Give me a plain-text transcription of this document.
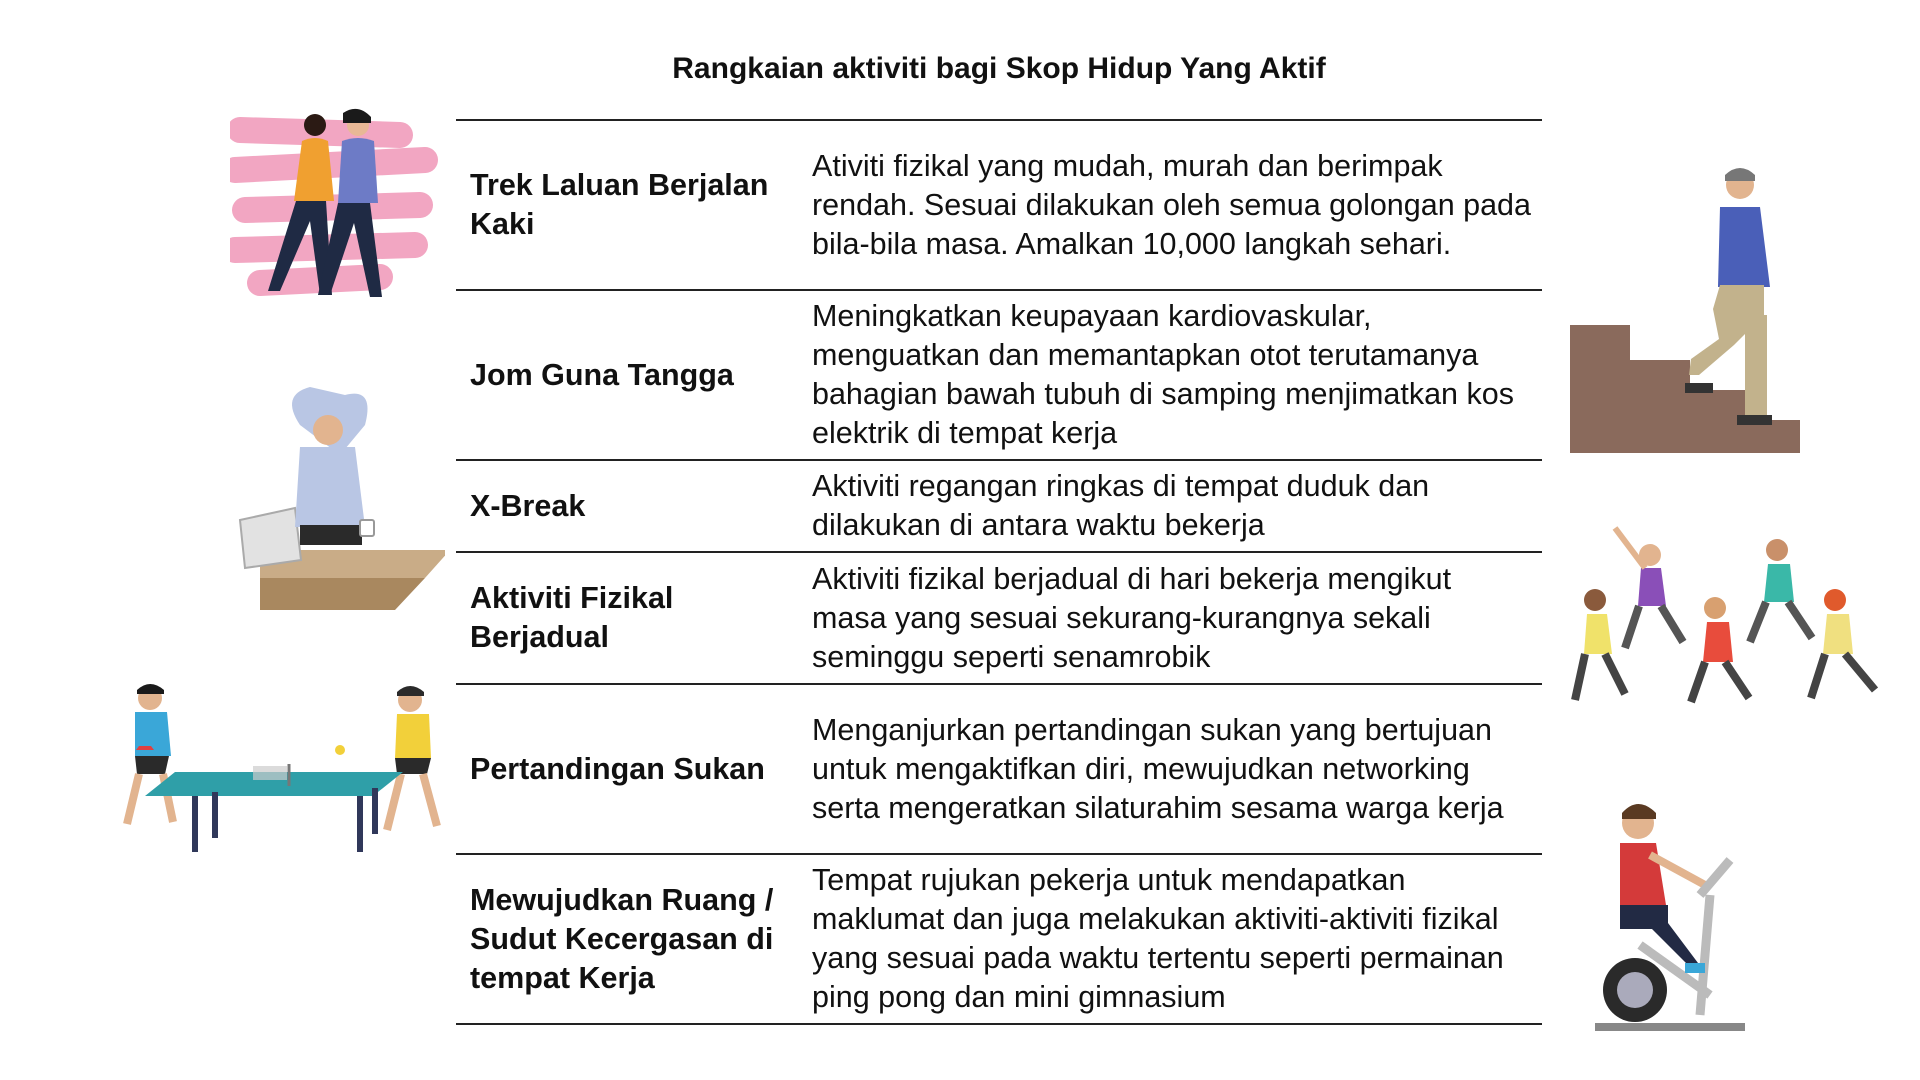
Rangkaian aktiviti bagi Skop Hidup Yang Aktif
Trek Laluan Berjalan Kaki
Ativiti fizikal yang mudah, murah dan berimpak rendah. Sesuai dilakukan oleh semua golongan pada bila-bila masa. Amalkan 10,000 langkah sehari.
Jom Guna Tangga
Meningkatkan keupayaan kardiovaskular, menguatkan dan memantapkan otot terutamanya bahagian bawah tubuh di samping menjimatkan kos elektrik di tempat kerja
X-Break
Aktiviti regangan ringkas di tempat duduk dan dilakukan di antara waktu bekerja
Aktiviti Fizikal Berjadual
Aktiviti fizikal berjadual di hari bekerja mengikut masa yang sesuai sekurang-kurangnya sekali seminggu seperti senamrobik
Pertandingan Sukan
Menganjurkan pertandingan sukan yang bertujuan untuk mengaktifkan diri, mewujudkan networking serta mengeratkan silaturahim sesama warga kerja
Mewujudkan Ruang / Sudut Kecergasan di tempat Kerja
Tempat rujukan pekerja untuk mendapatkan maklumat dan juga melakukan aktiviti-aktiviti fizikal yang sesuai pada waktu tertentu seperti permainan ping pong dan mini gimnasium
